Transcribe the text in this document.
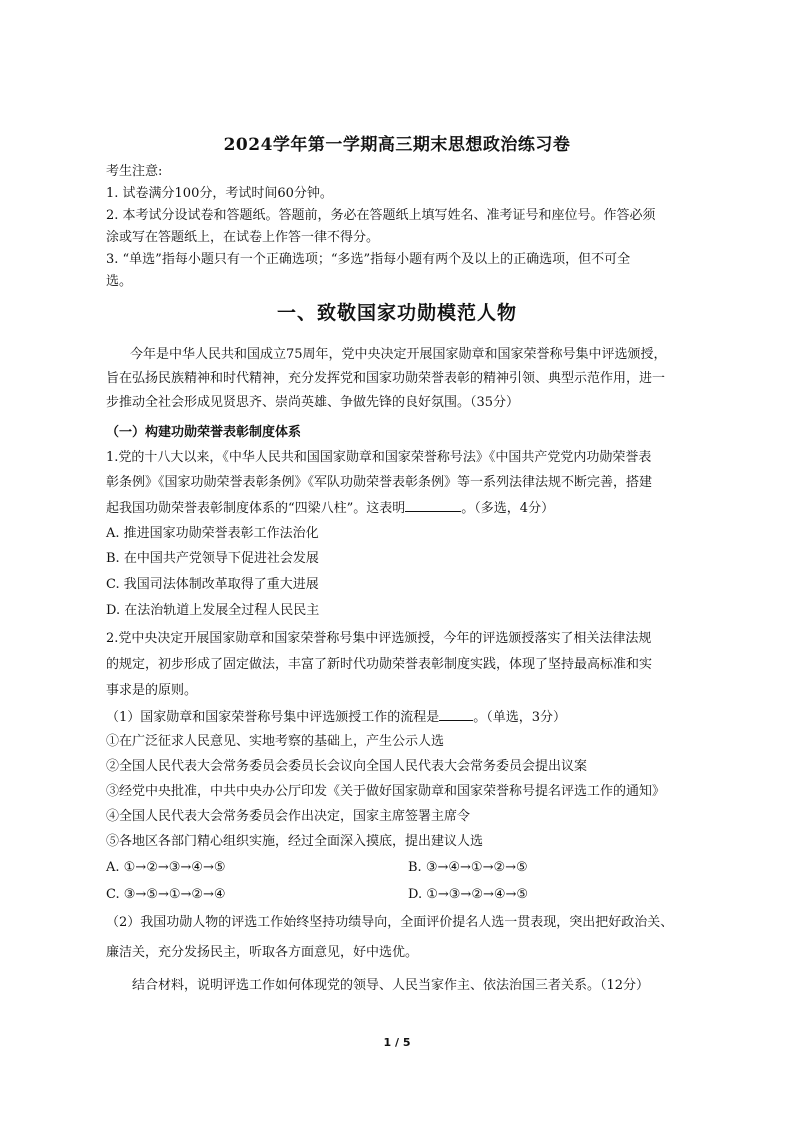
2024学年第一学期高三期末思想政治练习卷
考生注意:
1. 试卷满分100分，考试时间60分钟。
2. 本考试分设试卷和答题纸。答题前，务必在答题纸上填写姓名、准考证号和座位号。作答必须
涂或写在答题纸上，在试卷上作答一律不得分。
3. “单选”指每小题只有一个正确选项；“多选”指每小题有两个及以上的正确选项，但不可全
选。
一、致敬国家功勋模范人物
今年是中华人民共和国成立75周年，党中央决定开展国家勋章和国家荣誉称号集中评选颁授，
旨在弘扬民族精神和时代精神，充分发挥党和国家功勋荣誉表彰的精神引领、典型示范作用，进一
步推动全社会形成见贤思齐、崇尚英雄、争做先锋的良好氛围。（35分）
（一）构建功勋荣誉表彰制度体系
1.党的十八大以来，《中华人民共和国国家勋章和国家荣誉称号法》《中国共产党党内功勋荣誉表
彰条例》《国家功勋荣誉表彰条例》《军队功勋荣誉表彰条例》等一系列法律法规不断完善，搭建
起我国功勋荣誉表彰制度体系的“四梁八柱”。这表明	。（多选，4分）
A. 推进国家功勋荣誉表彰工作法治化
B. 在中国共产党领导下促进社会发展
C. 我国司法体制改革取得了重大进展
D. 在法治轨道上发展全过程人民民主
2.党中央决定开展国家勋章和国家荣誉称号集中评选颁授，今年的评选颁授落实了相关法律法规
的规定，初步形成了固定做法，丰富了新时代功勋荣誉表彰制度实践，体现了坚持最高标准和实
事求是的原则。
（1）国家勋章和国家荣誉称号集中评选颁授工作的流程是	。（单选，3分）
①在广泛征求人民意见、实地考察的基础上，产生公示人选
②全国人民代表大会常务委员会委员长会议向全国人民代表大会常务委员会提出议案
③经党中央批准，中共中央办公厅印发《关于做好国家勋章和国家荣誉称号提名评选工作的通知》
④全国人民代表大会常务委员会作出决定，国家主席签署主席令
⑤各地区各部门精心组织实施，经过全面深入摸底，提出建议人选
A. ①→②→③→④→⑤	B. ③→④→①→②→⑤
C. ③→⑤→①→②→④	D. ①→③→②→④→⑤
（2）我国功勋人物的评选工作始终坚持功绩导向，全面评价提名人选一贯表现，突出把好政治关、
廉洁关，充分发扬民主，听取各方面意见，好中选优。
结合材料，说明评选工作如何体现党的领导、人民当家作主、依法治国三者关系。（12分）
1 / 5
